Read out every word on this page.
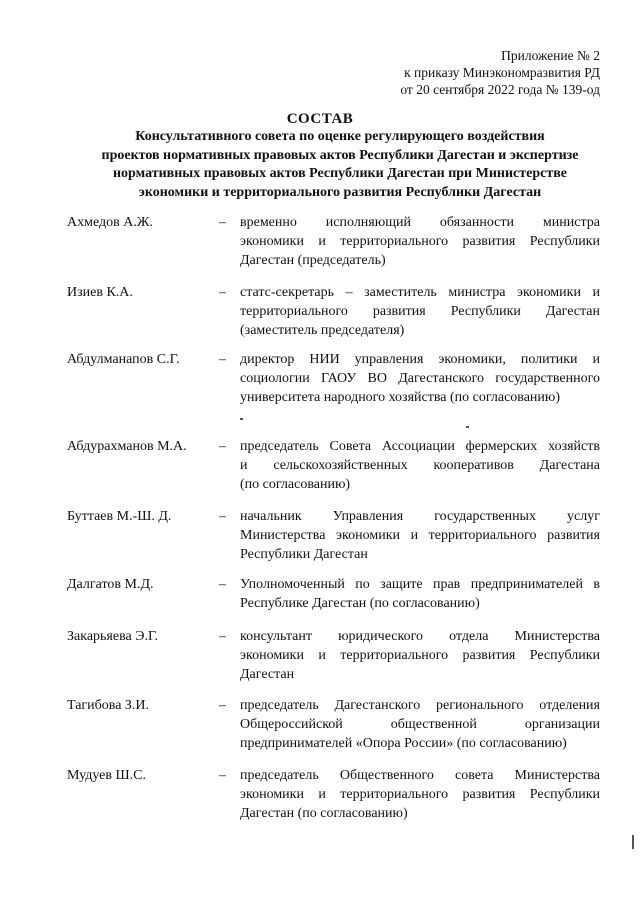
Приложение № 2
к приказу Минэкономразвития РД
от 20 сентября 2022 года № 139-од
СОСТАВ
Консультативного совета по оценке регулирующего воздействия
проектов нормативных правовых актов Республики Дагестан и экспертизе
нормативных правовых актов Республики Дагестан при Министерстве
экономики и территориального развития Республики Дагестан
Ахмедов А.Ж.	– временно исполняющий обязанности министра
экономики и территориального развития Республики
Дагестан (председатель)
Изиев К.А.	– статс-секретарь – заместитель министра экономики и
территориального развития Республики Дагестан
(заместитель председателя)
Абдулманапов С.Г.	– директор НИИ управления экономики, политики и
социологии ГАОУ ВО Дагестанского государственного
университета народного хозяйства (по согласованию)
Абдурахманов М.А. – председатель Совета Ассоциации фермерских хозяйств
и сельскохозяйственных кооперативов Дагестана
(по согласованию)
Буттаев М.-Ш. Д.	– начальник Управления государственных услуг
Министерства экономики и территориального развития
Республики Дагестан
Далгатов М.Д.	– Уполномоченный по защите прав предпринимателей в
Республике Дагестан (по согласованию)
Закарьяева Э.Г.	– консультант юридического отдела Министерства
экономики и территориального развития Республики
Дагестан
Тагибова З.И.	– председатель Дагестанского регионального отделения
Общероссийской общественной организации
предпринимателей «Опора России» (по согласованию)
Мудуев Ш.С.	– председатель Общественного совета Министерства
экономики и территориального развития Республики
Дагестан (по согласованию)
